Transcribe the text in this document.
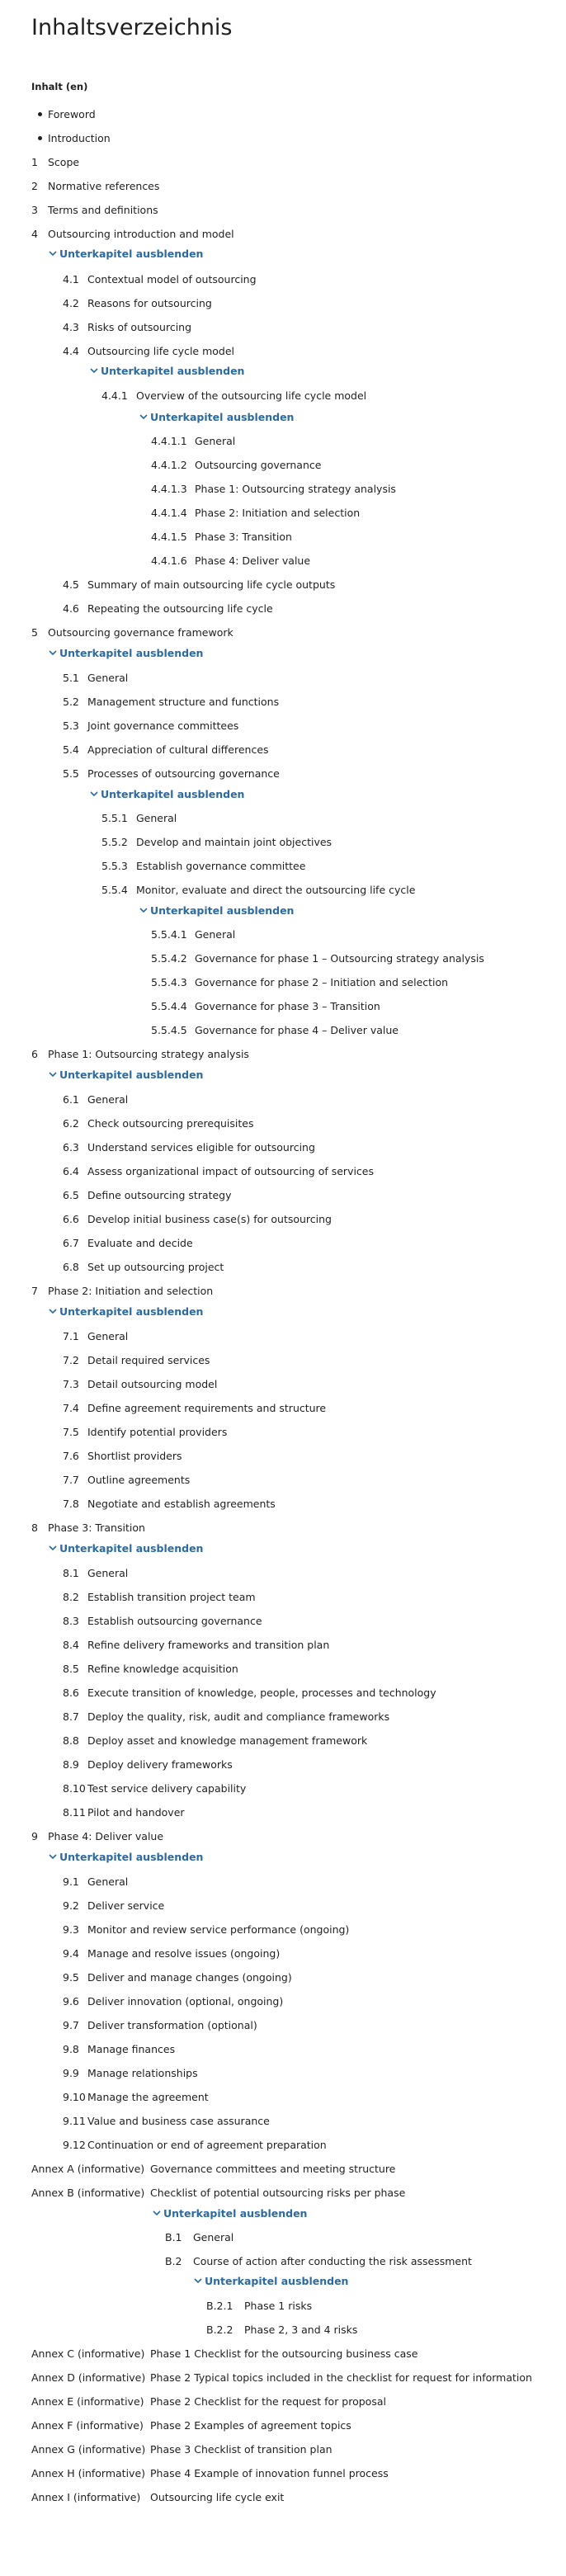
Inhaltsverzeichnis
Inhalt (en)
Foreword
Introduction
1 Scope
2 Normative references
3 Terms and definitions
4 Outsourcing introduction and model
4.1 Contextual model of outsourcing
4.2 Reasons for outsourcing
4.3 Risks of outsourcing
4.4 Outsourcing life cycle model
4.4.1 Overview of the outsourcing life cycle model
4.4.1.1 General
4.4.1.2 Outsourcing governance
4.4.1.3 Phase 1: Outsourcing strategy analysis
4.4.1.4 Phase 2: Initiation and selection
4.4.1.5 Phase 3: Transition
4.4.1.6 Phase 4: Deliver value
4.5 Summary of main outsourcing life cycle outputs
4.6 Repeating the outsourcing life cycle
5 Outsourcing governance framework
5.1 General
5.2 Management structure and functions
5.3 Joint governance committees
5.4 Appreciation of cultural differences
5.5 Processes of outsourcing governance
5.5.1 General
5.5.2 Develop and maintain joint objectives
5.5.3 Establish governance committee
5.5.4 Monitor, evaluate and direct the outsourcing life cycle
5.5.4.1 General
5.5.4.2 Governance for phase 1 – Outsourcing strategy analysis
5.5.4.3 Governance for phase 2 – Initiation and selection
5.5.4.4 Governance for phase 3 – Transition
5.5.4.5 Governance for phase 4 – Deliver value
6 Phase 1: Outsourcing strategy analysis
6.1 General
6.2 Check outsourcing prerequisites
6.3 Understand services eligible for outsourcing
6.4 Assess organizational impact of outsourcing of services
6.5 Define outsourcing strategy
6.6 Develop initial business case(s) for outsourcing
6.7 Evaluate and decide
6.8 Set up outsourcing project
7 Phase 2: Initiation and selection
7.1 General
7.2 Detail required services
7.3 Detail outsourcing model
7.4 Define agreement requirements and structure
7.5 Identify potential providers
7.6 Shortlist providers
7.7 Outline agreements
7.8 Negotiate and establish agreements
8 Phase 3: Transition
8.1 General
8.2 Establish transition project team
8.3 Establish outsourcing governance
8.4 Refine delivery frameworks and transition plan
8.5 Refine knowledge acquisition
8.6 Execute transition of knowledge, people, processes and technology
8.7 Deploy the quality, risk, audit and compliance frameworks
8.8 Deploy asset and knowledge management framework
8.9 Deploy delivery frameworks
8.10 Test service delivery capability
8.11 Pilot and handover
9 Phase 4: Deliver value
9.1 General
9.2 Deliver service
9.3 Monitor and review service performance (ongoing)
9.4 Manage and resolve issues (ongoing)
9.5 Deliver and manage changes (ongoing)
9.6 Deliver innovation (optional, ongoing)
9.7 Deliver transformation (optional)
9.8 Manage finances
9.9 Manage relationships
9.10 Manage the agreement
9.11 Value and business case assurance
9.12 Continuation or end of agreement preparation
Annex A (informative) Governance committees and meeting structure
Annex B (informative) Checklist of potential outsourcing risks per phase
B.1 General
B.2 Course of action after conducting the risk assessment
B.2.1 Phase 1 risks
B.2.2 Phase 2, 3 and 4 risks
Annex C (informative) Phase 1 Checklist for the outsourcing business case
Annex D (informative) Phase 2 Typical topics included in the checklist for request for information
Annex E (informative) Phase 2 Checklist for the request for proposal
Annex F (informative) Phase 2 Examples of agreement topics
Annex G (informative) Phase 3 Checklist of transition plan
Annex H (informative) Phase 4 Example of innovation funnel process
Annex I (informative) Outsourcing life cycle exit
Unterkapitel ausblenden
Unterkapitel ausblenden
Unterkapitel ausblenden
Unterkapitel ausblenden
Unterkapitel ausblenden
Unterkapitel ausblenden
Unterkapitel ausblenden
Unterkapitel ausblenden
Unterkapitel ausblenden
Unterkapitel ausblenden
Unterkapitel ausblenden
Unterkapitel ausblenden
